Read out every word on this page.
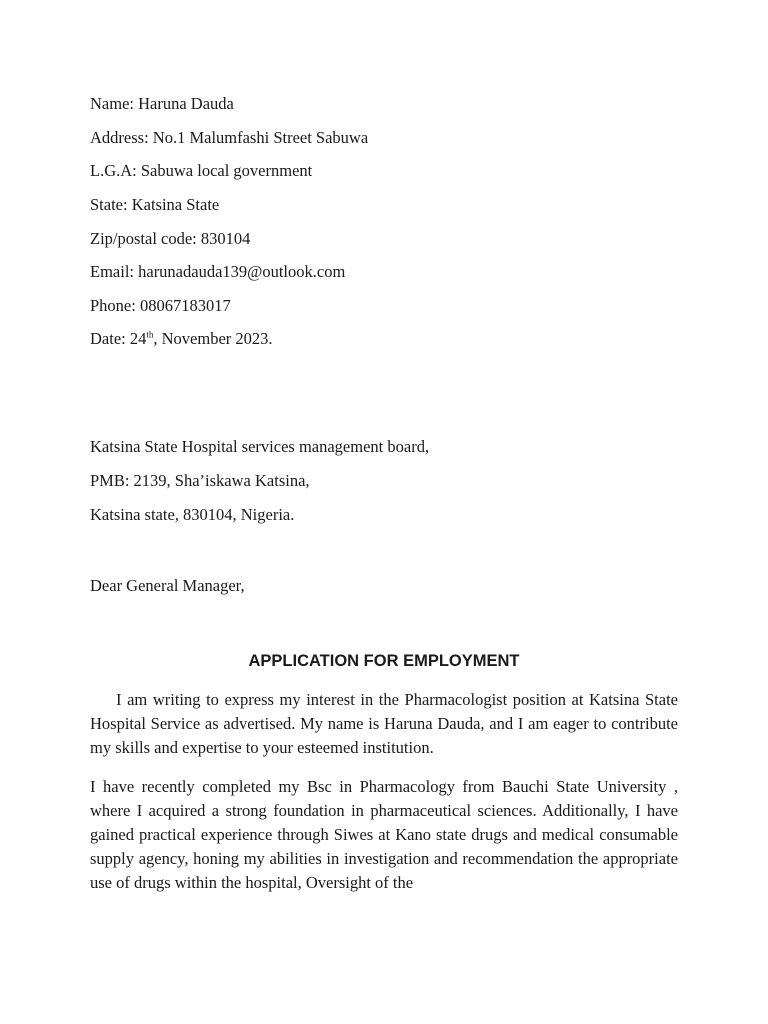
Name: Haruna Dauda
Address: No.1 Malumfashi Street Sabuwa
L.G.A: Sabuwa local government
State: Katsina State
Zip/postal code: 830104
Email: harunadauda139@outlook.com
Phone: 08067183017
Date: 24th, November 2023.
Katsina State Hospital services management board,
PMB: 2139, Sha’iskawa Katsina,
Katsina state, 830104, Nigeria.
Dear General Manager,
APPLICATION FOR EMPLOYMENT

I am writing to express my interest in the Pharmacologist position at Katsina State Hospital Service as advertised. My name is Haruna Dauda, and I am eager to contribute my skills and expertise to your esteemed institution.

I have recently completed my Bsc in Pharmacology from Bauchi State University , where I acquired a strong foundation in pharmaceutical sciences. Additionally, I have gained practical experience through Siwes at Kano state drugs and medical consumable supply agency, honing my abilities in investigation and recommendation the appropriate use of drugs within the hospital, Oversight of the
